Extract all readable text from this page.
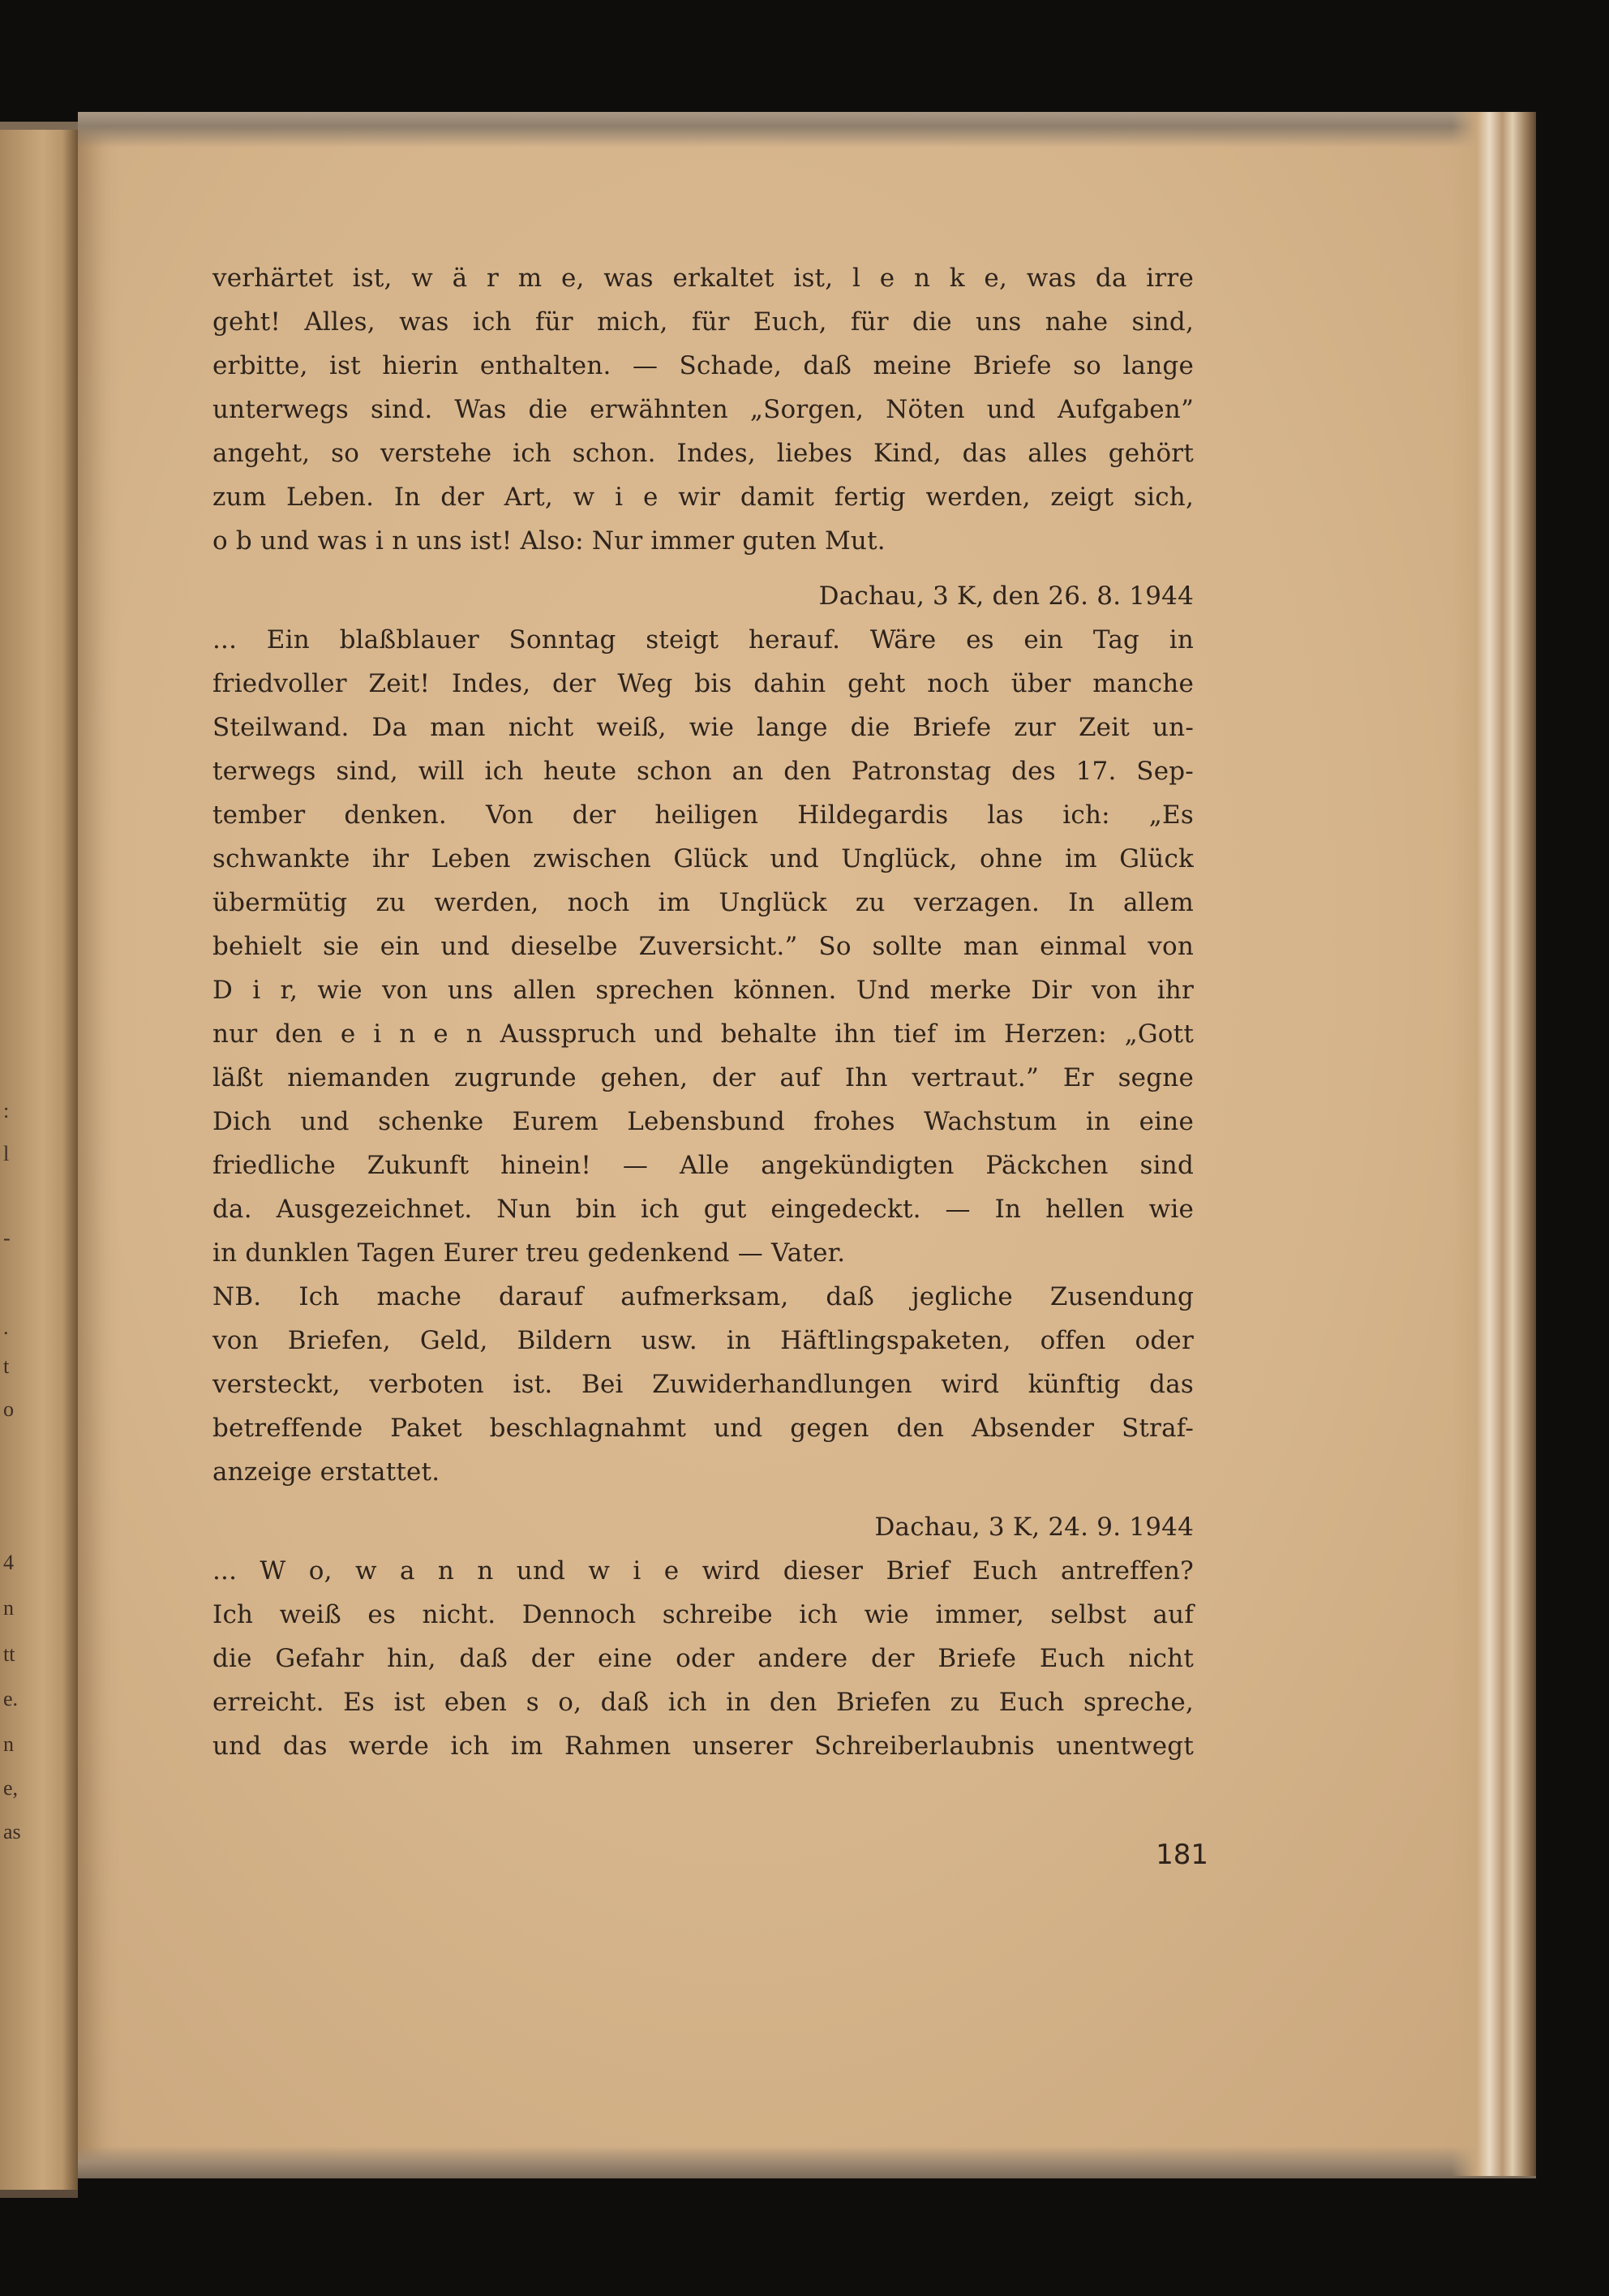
:
l
-
.
t
o
4
n
tt
e.
n
e,
as
verhärtet ist, w ä r m e, was erkaltet ist, l e n k e, was da irre
geht! Alles, was ich für mich, für Euch, für die uns nahe sind,
erbitte, ist hierin enthalten. — Schade, daß meine Briefe so lange
unterwegs sind. Was die erwähnten „Sorgen, Nöten und Aufgaben”
angeht, so verstehe ich schon. Indes, liebes Kind, das alles gehört
zum Leben. In der Art, w i e wir damit fertig werden, zeigt sich,
o b und was i n uns ist! Also: Nur immer guten Mut.
Dachau, 3 K, den 26. 8. 1944
... Ein blaßblauer Sonntag steigt herauf. Wäre es ein Tag in
friedvoller Zeit! Indes, der Weg bis dahin geht noch über manche
Steilwand. Da man nicht weiß, wie lange die Briefe zur Zeit un-
terwegs sind, will ich heute schon an den Patronstag des 17. Sep-
tember denken. Von der heiligen Hildegardis las ich: „Es
schwankte ihr Leben zwischen Glück und Unglück, ohne im Glück
übermütig zu werden, noch im Unglück zu verzagen. In allem
behielt sie ein und dieselbe Zuversicht.” So sollte man einmal von
D i r, wie von uns allen sprechen können. Und merke Dir von ihr
nur den e i n e n Ausspruch und behalte ihn tief im Herzen: „Gott
läßt niemanden zugrunde gehen, der auf Ihn vertraut.” Er segne
Dich und schenke Eurem Lebensbund frohes Wachstum in eine
friedliche Zukunft hinein! — Alle angekündigten Päckchen sind
da. Ausgezeichnet. Nun bin ich gut eingedeckt. — In hellen wie
in dunklen Tagen Eurer treu gedenkend — Vater.
NB. Ich mache darauf aufmerksam, daß jegliche Zusendung
von Briefen, Geld, Bildern usw. in Häftlingspaketen, offen oder
versteckt, verboten ist. Bei Zuwiderhandlungen wird künftig das
betreffende Paket beschlagnahmt und gegen den Absender Straf-
anzeige erstattet.
Dachau, 3 K, 24. 9. 1944
... W o, w a n n und w i e wird dieser Brief Euch antreffen?
Ich weiß es nicht. Dennoch schreibe ich wie immer, selbst auf
die Gefahr hin, daß der eine oder andere der Briefe Euch nicht
erreicht. Es ist eben s o, daß ich in den Briefen zu Euch spreche,
und das werde ich im Rahmen unserer Schreiberlaubnis unentwegt
181
